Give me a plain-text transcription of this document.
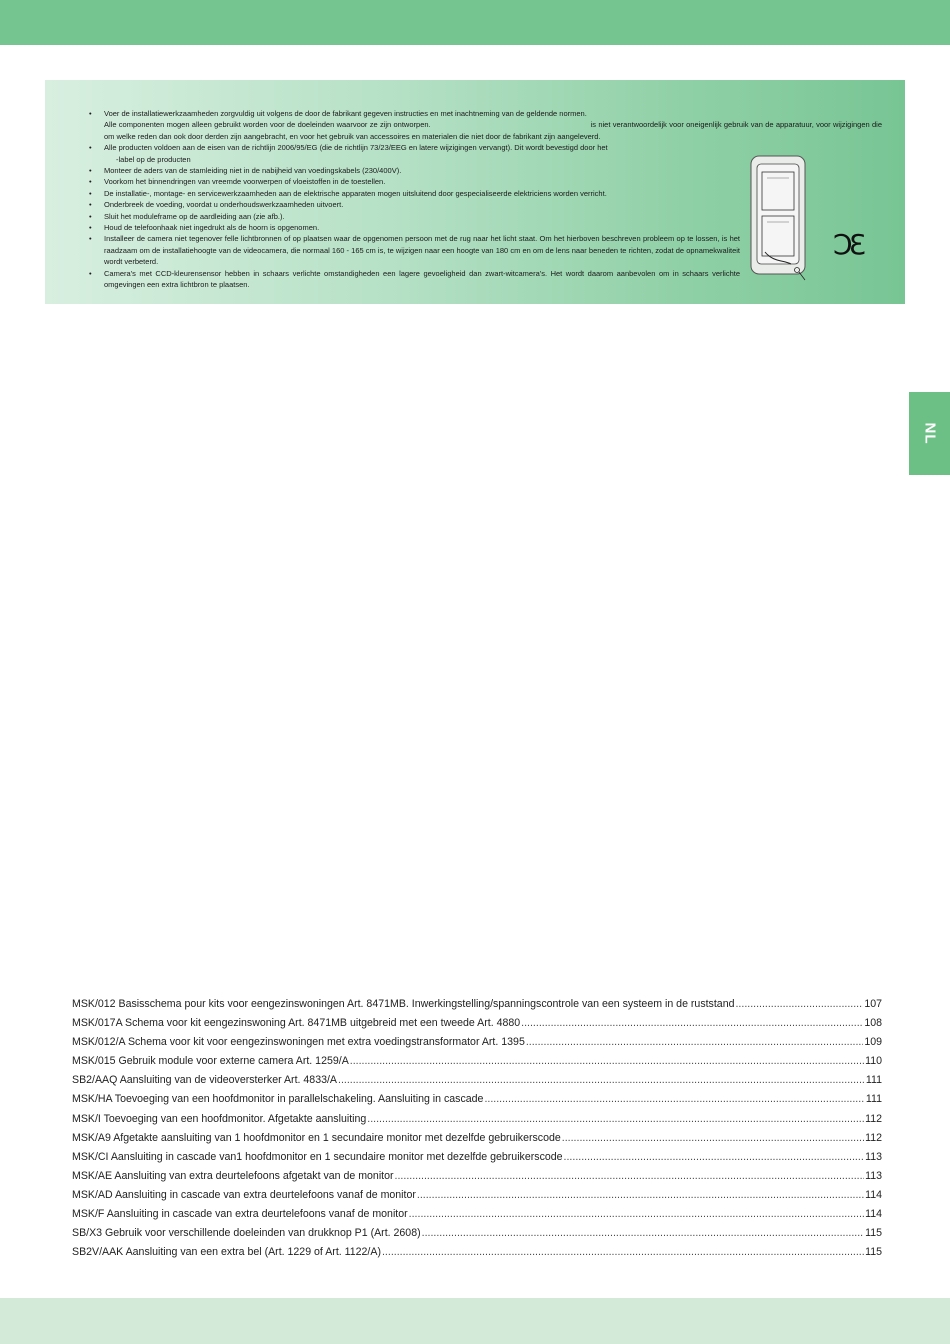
NL
• Voer de installatiewerkzaamheden zorgvuldig uit volgens de door de fabrikant gegeven instructies en met inachtneming van de geldende normen.
Alle componenten mogen alleen gebruikt worden voor de doeleinden waarvoor ze zijn ontworpen.	is niet verantwoordelijk voor oneigenlijk gebruik van de apparatuur, voor wijzigingen die om welke reden dan ook door derden zijn aangebracht, en voor het gebruik van accessoires en materialen die niet door de fabrikant zijn aangeleverd.
• Alle producten voldoen aan de eisen van de richtlijn 2006/95/EG (die de richtlijn 73/23/EEG en latere wijzigingen vervangt). Dit wordt bevestigd door het
-label op de producten
• Monteer de aders van de stamleiding niet in de nabijheid van voedingskabels (230/400V).
• Voorkom het binnendringen van vreemde voorwerpen of vloeistoffen in de toestellen.
• De installatie-, montage- en servicewerkzaamheden aan de elektrische apparaten mogen uitsluitend door gespecialiseerde elektriciens worden verricht.
• Onderbreek de voeding, voordat u onderhoudswerkzaamheden uitvoert.
• Sluit het moduleframe op de aardleiding aan (zie afb.).
• Houd de telefoonhaak niet ingedrukt als de hoorn is opgenomen.
• Installeer de camera niet tegenover felle lichtbronnen of op plaatsen waar de opgenomen persoon met de rug naar het licht staat. Om het hierboven beschreven probleem op te lossen, is het raadzaam om de installatiehoogte van de videocamera, die normaal 160 - 165 cm is, te wijzigen naar een hoogte van 180 cm en om de lens naar beneden te richten, zodat de opnamekwaliteit wordt verbeterd.
• Camera's met CCD-kleurensensor hebben in schaars verlichte omstandigheden een lagere gevoeligheid dan zwart-witcamera's. Het wordt daarom aanbevolen om in schaars verlichte omgevingen een extra lichtbron te plaatsen.
ƆƐ
MSK/012 Basisschema pour kits voor eengezinswoningen Art. 8471MB. Inwerkingstelling/spanningscontrole van een systeem in de ruststand .....	107
MSK/017A Schema voor kit eengezinswoning Art. 8471MB uitgebreid met een tweede Art. 4880 .....	108
MSK/012/A Schema voor kit voor eengezinswoningen met extra voedingstransformator Art. 1395 .....	109
MSK/015 Gebruik module voor externe camera Art. 1259/A .....	110
SB2/AAQ Aansluiting van de videoversterker Art. 4833/A .....	111
MSK/HA Toevoeging van een hoofdmonitor in parallelschakeling. Aansluiting in cascade .....	111
MSK/I Toevoeging van een hoofdmonitor. Afgetakte aansluiting .....	112
MSK/A9 Afgetakte aansluiting van 1 hoofdmonitor en 1 secundaire monitor met dezelfde gebruikerscode .....	112
MSK/CI Aansluiting in cascade van1 hoofdmonitor en 1 secundaire monitor met dezelfde gebruikerscode .....	113
MSK/AE Aansluiting van extra deurtelefoons afgetakt van de monitor .....	113
MSK/AD Aansluiting in cascade van extra deurtelefoons vanaf de monitor .....	114
MSK/F Aansluiting in cascade van extra deurtelefoons vanaf de monitor .....	114
SB/X3 Gebruik voor verschillende doeleinden van drukknop P1 (Art. 2608) .....	115
SB2V/AAK Aansluiting van een extra bel (Art. 1229 of Art. 1122/A) .....	115
